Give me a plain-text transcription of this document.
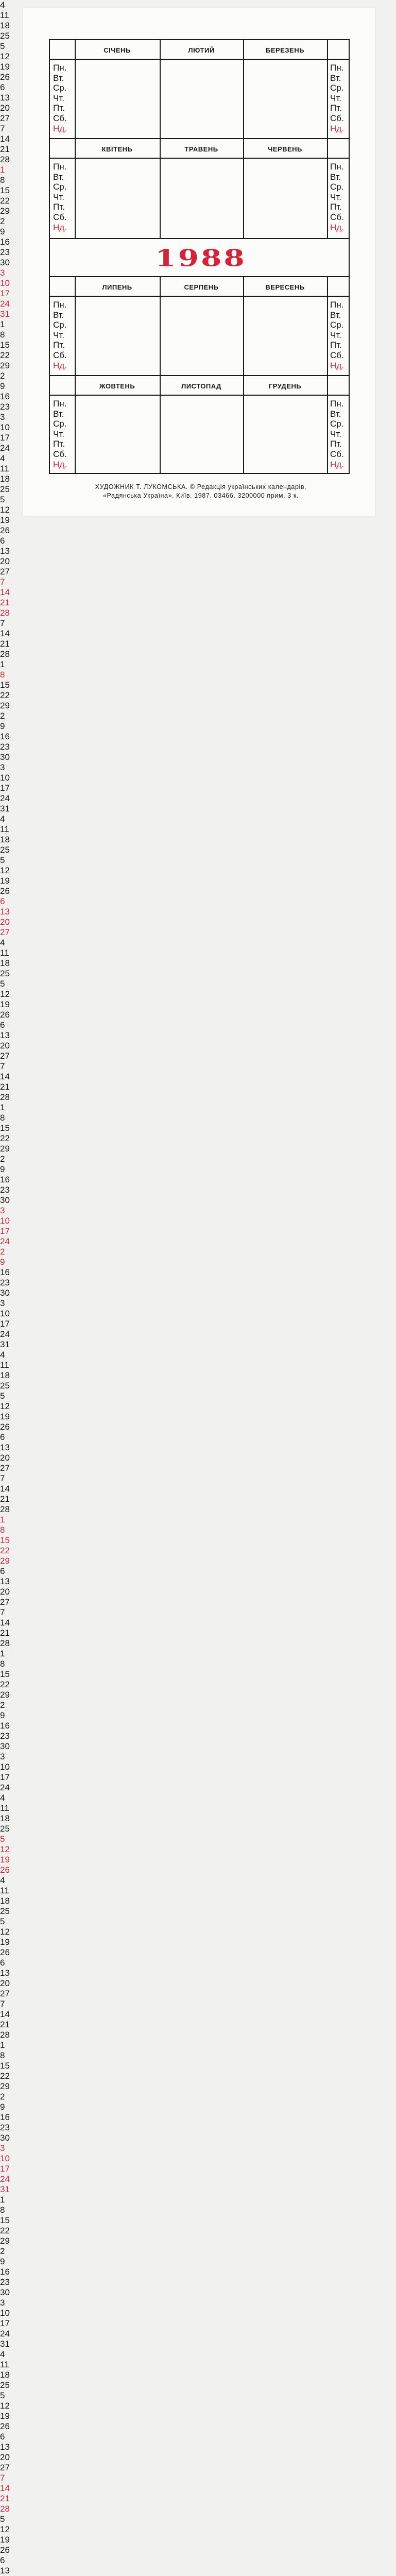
СІЧЕНЬ
4
11
18
25
5
12
19
26
6
13
20
27
7
14
21
28
1
8
15
22
29
2
9
16
23
30
3
10
17
24
31
ЛЮТИЙ
1
8
15
22
29
2
9
16
23
3
10
17
24
4
11
18
25
5
12
19
26
6
13
20
27
7
14
21
28
БЕРЕЗЕНЬ
7
14
21
28
1
8
15
22
29
2
9
16
23
30
3
10
17
24
31
4
11
18
25
5
12
19
26
6
13
20
27
КВІТЕНЬ
4
11
18
25
5
12
19
26
6
13
20
27
7
14
21
28
1
8
15
22
29
2
9
16
23
30
3
10
17
24
ТРАВЕНЬ
2
9
16
23
30
3
10
17
24
31
4
11
18
25
5
12
19
26
6
13
20
27
7
14
21
28
1
8
15
22
29
ЧЕРВЕНЬ
6
13
20
27
7
14
21
28
1
8
15
22
29
2
9
16
23
30
3
10
17
24
4
11
18
25
5
12
19
26
ЛИПЕНЬ
4
11
18
25
5
12
19
26
6
13
20
27
7
14
21
28
1
8
15
22
29
2
9
16
23
30
3
10
17
24
31
СЕРПЕНЬ
1
8
15
22
29
2
9
16
23
30
3
10
17
24
31
4
11
18
25
5
12
19
26
6
13
20
27
7
14
21
28
ВЕРЕСЕНЬ
5
12
19
26
6
13
ЖОВТЕНЬ	ЛИСТОПАД	ГРУДЕНЬ
Пн.
Вт.
Ср.
Чт.
Пт.
Сб.
Нд.
Пн.
Вт.
Ср.
Чт.
Пт.
Сб.
Нд.
Пн.
Вт.
Ср.
Чт.
Пт.
Сб.
Нд.
Пн.
Вт.
Ср.
Чт.
Пт.
Сб.
Нд.
Пн.
Вт.
Ср.
Чт.
Пт.
Сб.
Нд.
Пн.
Вт.
Ср.
Чт.
Пт.
Сб.
Нд.
Пн.
Вт.
Ср.
Чт.
Пт.
Сб.
Нд.
Пн.
Вт.
Ср.
Чт.
Пт.
Сб.
Нд.
1988
ХУДОЖНИК Т. ЛУКОМСЬКА. © Редакція українських календарів.
«Радянська Україна». Київ. 1987. 03466. 3200000 прим. 3 к.
